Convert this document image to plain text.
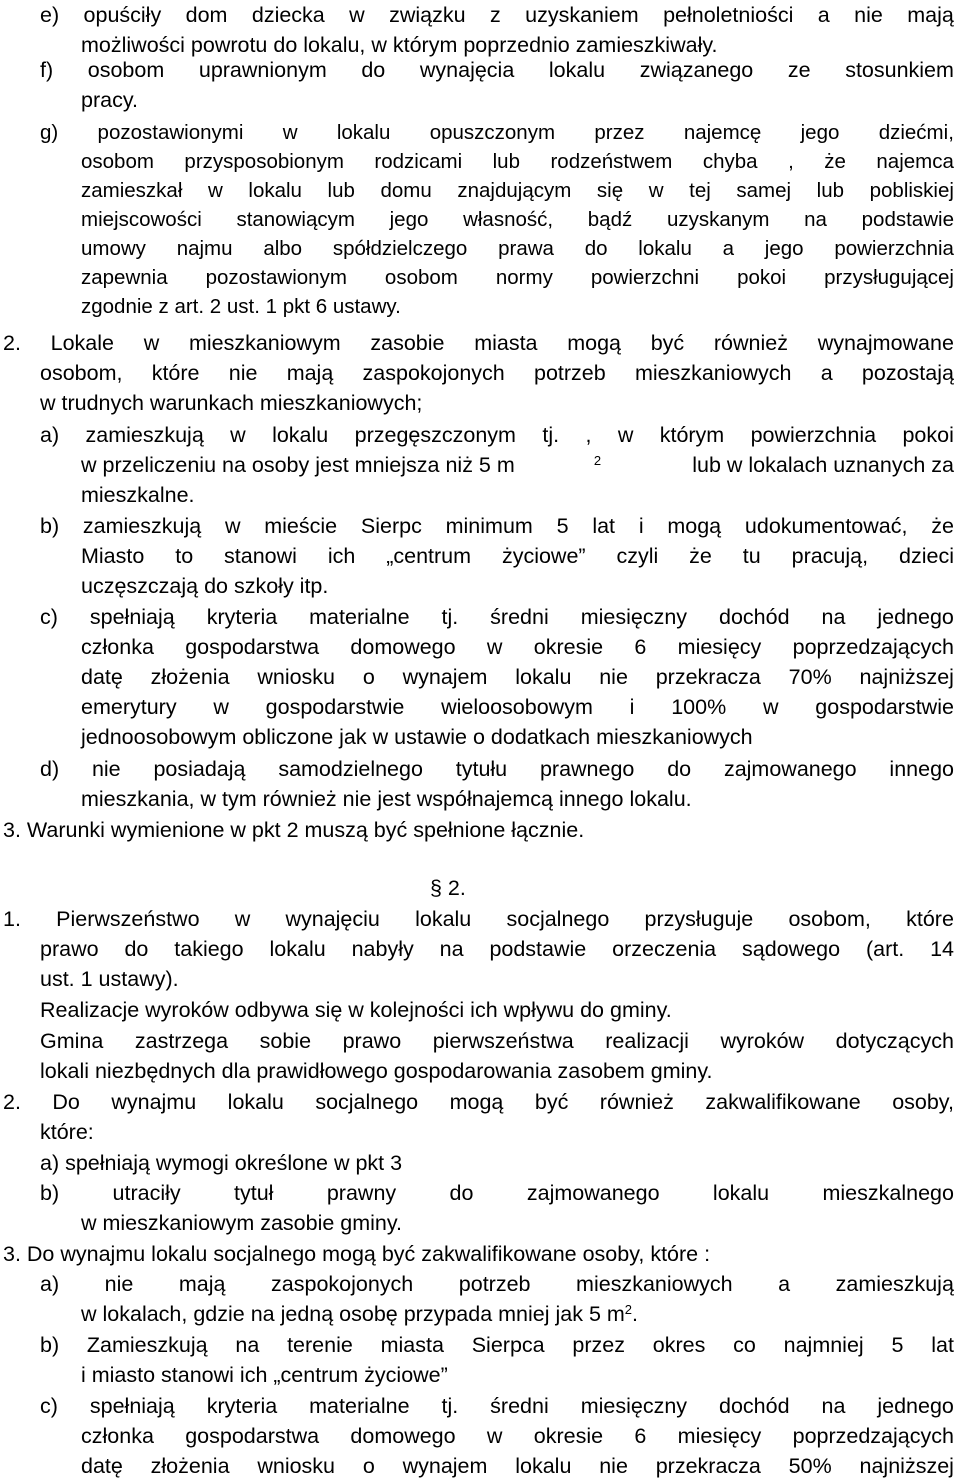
e) opuściły dom dziecka w związku z uzyskaniem pełnoletniości a nie mają
możliwości powrotu do lokalu, w którym poprzednio zamieszkiwały.
f) osobom uprawnionym do wynajęcia lokalu związanego ze stosunkiem
pracy.
g) pozostawionymi w lokalu opuszczonym przez najemcę jego dziećmi,
osobom przysposobionym rodzicami lub rodzeństwem chyba , że najemca
zamieszkał w lokalu lub domu znajdującym się w tej samej lub pobliskiej
miejscowości stanowiącym jego własność, bądź uzyskanym na podstawie
umowy najmu albo spółdzielczego prawa do lokalu a jego powierzchnia
zapewnia pozostawionym osobom normy powierzchni pokoi przysługującej
zgodnie z art. 2 ust. 1 pkt 6 ustawy.
2. Lokale w mieszkaniowym zasobie miasta mogą być również wynajmowane
osobom, które nie mają zaspokojonych potrzeb mieszkaniowych a pozostają
w trudnych warunkach mieszkaniowych;
a) zamieszkują w lokalu przegęszczonym tj. , w którym powierzchnia pokoi
w przeliczeniu na osoby jest mniejsza niż 5 m	$^2$	lub w lokalach uznanych za
mieszkalne.
b) zamieszkują w mieście Sierpc minimum 5 lat i mogą udokumentować, że
Miasto to stanowi ich „centrum życiowe” czyli że tu pracują, dzieci
uczęszczają do szkoły itp.
c) spełniają kryteria materialne tj. średni miesięczny dochód na jednego
członka gospodarstwa domowego w okresie 6 miesięcy poprzedzających
datę złożenia wniosku o wynajem lokalu nie przekracza 70% najniższej
emerytury w gospodarstwie wieloosobowym i 100% w gospodarstwie
jednoosobowym obliczone jak w ustawie o dodatkach mieszkaniowych
d) nie posiadają samodzielnego tytułu prawnego do zajmowanego innego
mieszkania, w tym również nie jest współnajemcą innego lokalu.
3. Warunki wymienione w pkt 2 muszą być spełnione łącznie.
§ 2.
1. Pierwszeństwo w wynajęciu lokalu socjalnego przysługuje osobom, które
prawo do takiego lokalu nabyły na podstawie orzeczenia sądowego (art. 14
ust. 1 ustawy).
Realizacje wyroków odbywa się w kolejności ich wpływu do gminy.
Gmina zastrzega sobie prawo pierwszeństwa realizacji wyroków dotyczących
lokali niezbędnych dla prawidłowego gospodarowania zasobem gminy.
2. Do wynajmu lokalu socjalnego mogą być również zakwalifikowane osoby,
które:
a) spełniają wymogi określone w pkt 3
b) utraciły tytuł prawny do zajmowanego lokalu mieszkalnego
w mieszkaniowym zasobie gminy.
3. Do wynajmu lokalu socjalnego mogą być zakwalifikowane osoby, które :
a) nie mają zaspokojonych potrzeb mieszkaniowych a zamieszkują
w lokalach, gdzie na jedną osobę przypada mniej jak 5 $m^2$.
b) Zamieszkują na terenie miasta Sierpca przez okres co najmniej 5 lat
i miasto stanowi ich „centrum życiowe”
c) spełniają kryteria materialne tj. średni miesięczny dochód na jednego
członka gospodarstwa domowego w okresie 6 miesięcy poprzedzających
datę złożenia wniosku o wynajem lokalu nie przekracza 50% najniższej
